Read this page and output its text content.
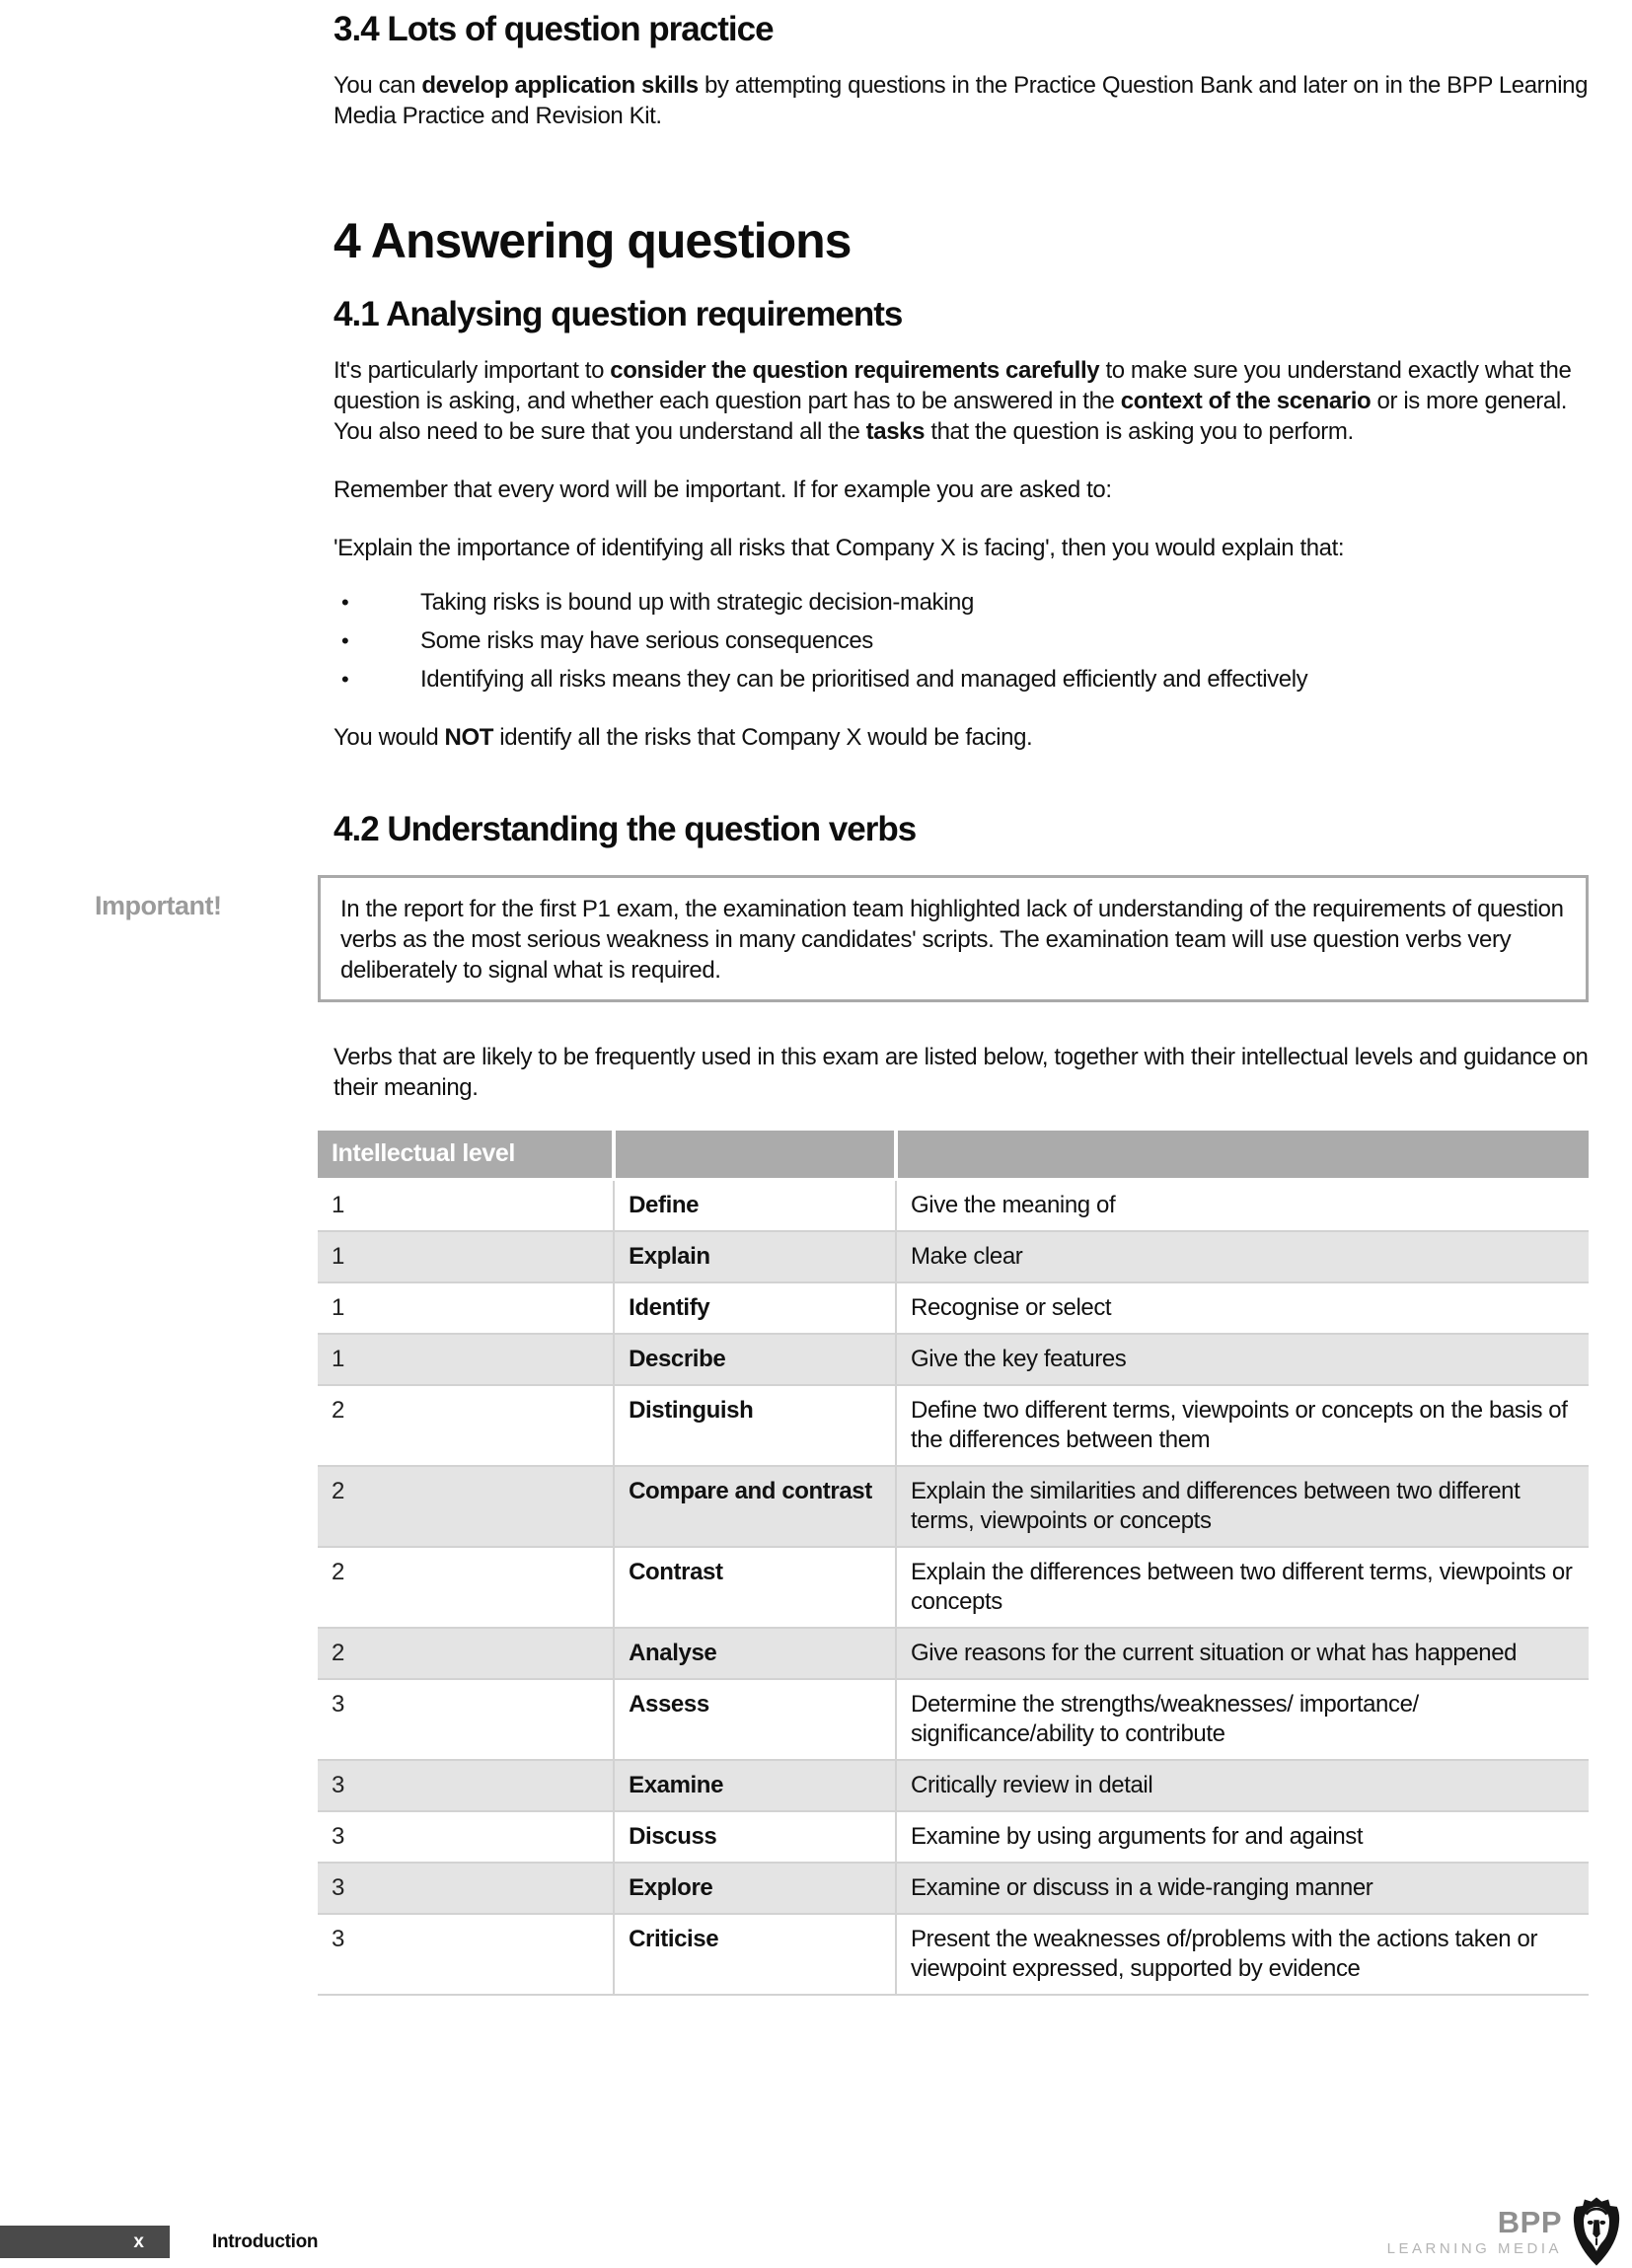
3.4 Lots of question practice

You can develop application skills by attempting questions in the Practice Question Bank and later on in the BPP Learning Media Practice and Revision Kit.

4 Answering questions
4.1 Analysing question requirements

It's particularly important to consider the question requirements carefully to make sure you understand exactly what the question is asking, and whether each question part has to be answered in the context of the scenario or is more general. You also need to be sure that you understand all the tasks that the question is asking you to perform.

Remember that every word will be important. If for example you are asked to:

'Explain the importance of identifying all risks that Company X is facing', then you would explain that:

•	Taking risks is bound up with strategic decision-making
•	Some risks may have serious consequences
•	Identifying all risks means they can be prioritised and managed efficiently and effectively

You would NOT identify all the risks that Company X would be facing.

4.2 Understanding the question verbs
Important!	In the report for the first P1 exam, the examination team highlighted lack of understanding of the requirements of question verbs as the most serious weakness in many candidates' scripts. The examination team will use question verbs very deliberately to signal what is required.

Verbs that are likely to be frequently used in this exam are listed below, together with their intellectual levels and guidance on their meaning.

Intellectual level		
1	Define	Give the meaning of
1	Explain	Make clear
1	Identify	Recognise or select
1	Describe	Give the key features
2	Distinguish	Define two different terms, viewpoints or concepts on the basis of the differences between them
2	Compare and contrast	Explain the similarities and differences between two different terms, viewpoints or concepts
2	Contrast	Explain the differences between two different terms, viewpoints or concepts
2	Analyse	Give reasons for the current situation or what has happened
3	Assess	Determine the strengths/weaknesses/ importance/ significance/ability to contribute
3	Examine	Critically review in detail
3	Discuss	Examine by using arguments for and against
3	Explore	Examine or discuss in a wide-ranging manner
3	Criticise	Present the weaknesses of/problems with the actions taken or viewpoint expressed, supported by evidence
x	Introduction
BPP
LEARNING MEDIA
